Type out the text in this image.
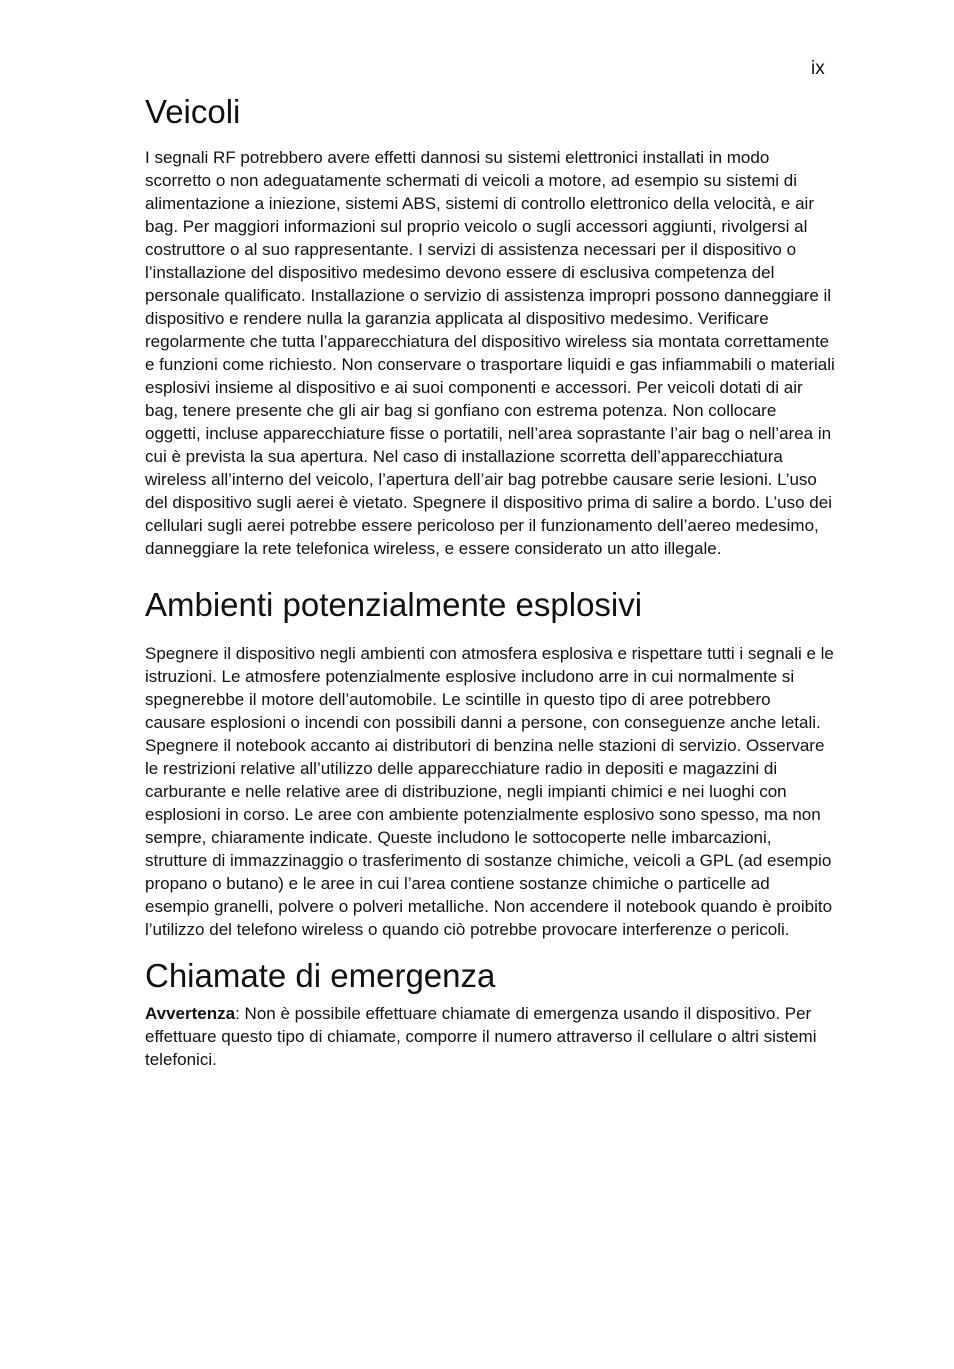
ix
Veicoli

I segnali RF potrebbero avere effetti dannosi su sistemi elettronici installati in modo scorretto o non adeguatamente schermati di veicoli a motore, ad esempio su sistemi di alimentazione a iniezione, sistemi ABS, sistemi di controllo elettronico della velocità, e air bag. Per maggiori informazioni sul proprio veicolo o sugli accessori aggiunti, rivolgersi al costruttore o al suo rappresentante. I servizi di assistenza necessari per il dispositivo o l’installazione del dispositivo medesimo devono essere di esclusiva competenza del personale qualificato. Installazione o servizio di assistenza impropri possono danneggiare il dispositivo e rendere nulla la garanzia applicata al dispositivo medesimo. Verificare regolarmente che tutta l’apparecchiatura del dispositivo wireless sia montata correttamente e funzioni come richiesto. Non conservare o trasportare liquidi e gas infiammabili o materiali esplosivi insieme al dispositivo e ai suoi componenti e accessori. Per veicoli dotati di air bag, tenere presente che gli air bag si gonfiano con estrema potenza. Non collocare oggetti, incluse apparecchiature fisse o portatili, nell’area soprastante l’air bag o nell’area in cui è prevista la sua apertura. Nel caso di installazione scorretta dell’apparecchiatura wireless all’interno del veicolo, l’apertura dell’air bag potrebbe causare serie lesioni. L’uso del dispositivo sugli aerei è vietato. Spegnere il dispositivo prima di salire a bordo. L’uso dei cellulari sugli aerei potrebbe essere pericoloso per il funzionamento dell’aereo medesimo, danneggiare la rete telefonica wireless, e essere considerato un atto illegale.

Ambienti potenzialmente esplosivi

Spegnere il dispositivo negli ambienti con atmosfera esplosiva e rispettare tutti i segnali e le istruzioni. Le atmosfere potenzialmente esplosive includono arre in cui normalmente si spegnerebbe il motore dell’automobile. Le scintille in questo tipo di aree potrebbero causare esplosioni o incendi con possibili danni a persone, con conseguenze anche letali. Spegnere il notebook accanto ai distributori di benzina nelle stazioni di servizio. Osservare le restrizioni relative all’utilizzo delle apparecchiature radio in depositi e magazzini di carburante e nelle relative aree di distribuzione, negli impianti chimici e nei luoghi con esplosioni in corso. Le aree con ambiente potenzialmente esplosivo sono spesso, ma non sempre, chiaramente indicate. Queste includono le sottocoperte nelle imbarcazioni, strutture di immazzinaggio o trasferimento di sostanze chimiche, veicoli a GPL (ad esempio propano o butano) e le aree in cui l’area contiene sostanze chimiche o particelle ad esempio granelli, polvere o polveri metalliche. Non accendere il notebook quando è proibito l’utilizzo del telefono wireless o quando ciò potrebbe provocare interferenze o pericoli.

Chiamate di emergenza

Avvertenza: Non è possibile effettuare chiamate di emergenza usando il dispositivo. Per effettuare questo tipo di chiamate, comporre il numero attraverso il cellulare o altri sistemi telefonici.
